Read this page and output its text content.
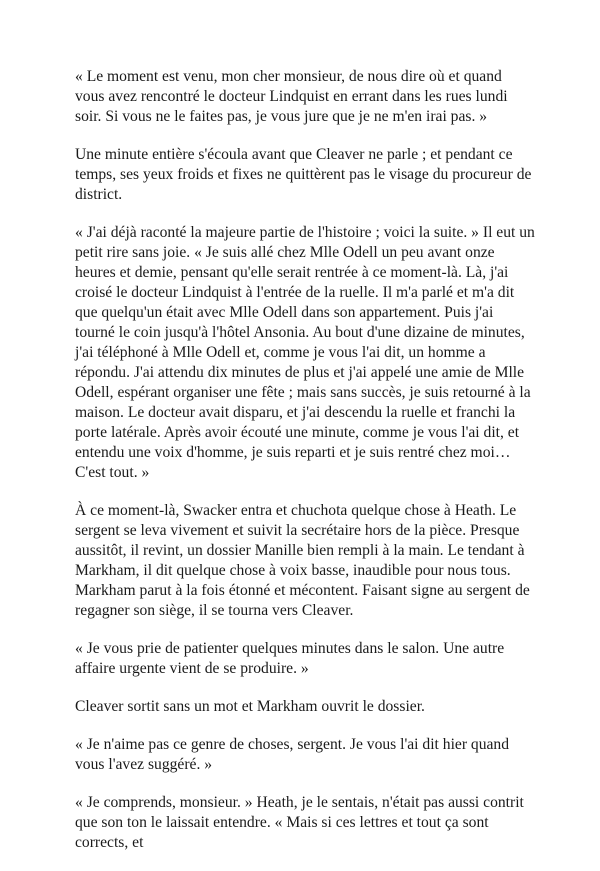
« Le moment est venu, mon cher monsieur, de nous dire où et quand vous avez rencontré le docteur Lindquist en errant dans les rues lundi soir. Si vous ne le faites pas, je vous jure que je ne m'en irai pas. »

Une minute entière s'écoula avant que Cleaver ne parle ; et pendant ce temps, ses yeux froids et fixes ne quittèrent pas le visage du procureur de district.

« J'ai déjà raconté la majeure partie de l'histoire ; voici la suite. » Il eut un petit rire sans joie. « Je suis allé chez Mlle Odell un peu avant onze heures et demie, pensant qu'elle serait rentrée à ce moment-là. Là, j'ai croisé le docteur Lindquist à l'entrée de la ruelle. Il m'a parlé et m'a dit que quelqu'un était avec Mlle Odell dans son appartement. Puis j'ai tourné le coin jusqu'à l'hôtel Ansonia. Au bout d'une dizaine de minutes, j'ai téléphoné à Mlle Odell et, comme je vous l'ai dit, un homme a répondu. J'ai attendu dix minutes de plus et j'ai appelé une amie de Mlle Odell, espérant organiser une fête ; mais sans succès, je suis retourné à la maison. Le docteur avait disparu, et j'ai descendu la ruelle et franchi la porte latérale. Après avoir écouté une minute, comme je vous l'ai dit, et entendu une voix d'homme, je suis reparti et je suis rentré chez moi… C'est tout. »

À ce moment-là, Swacker entra et chuchota quelque chose à Heath. Le sergent se leva vivement et suivit la secrétaire hors de la pièce. Presque aussitôt, il revint, un dossier Manille bien rempli à la main. Le tendant à Markham, il dit quelque chose à voix basse, inaudible pour nous tous. Markham parut à la fois étonné et mécontent. Faisant signe au sergent de regagner son siège, il se tourna vers Cleaver.

« Je vous prie de patienter quelques minutes dans le salon. Une autre affaire urgente vient de se produire. »

Cleaver sortit sans un mot et Markham ouvrit le dossier.

« Je n'aime pas ce genre de choses, sergent. Je vous l'ai dit hier quand vous l'avez suggéré. »

« Je comprends, monsieur. » Heath, je le sentais, n'était pas aussi contrit que son ton le laissait entendre. « Mais si ces lettres et tout ça sont corrects, et
